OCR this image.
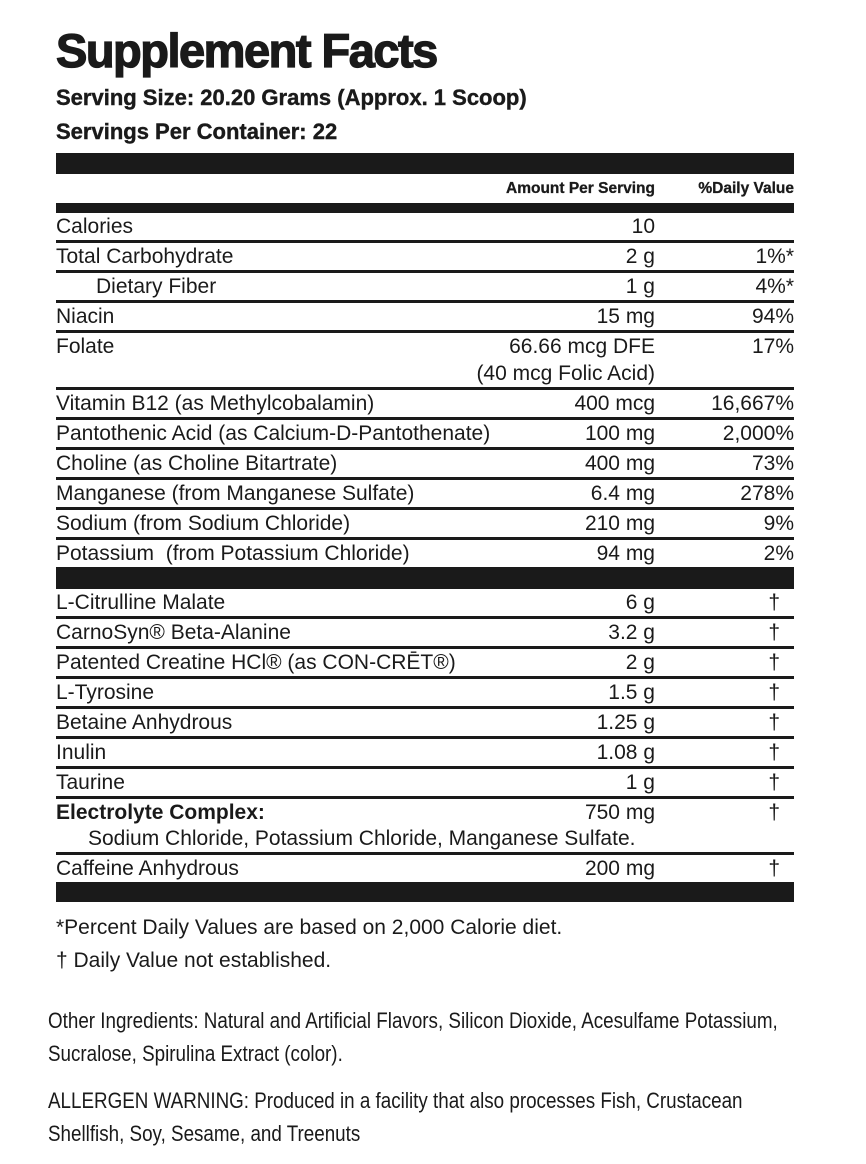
Supplement Facts
Serving Size: 20.20 Grams (Approx. 1 Scoop)
Servings Per Container: 22
Amount Per Serving	%Daily Value
Calories	10
Total Carbohydrate	2 g	1%*
Dietary Fiber	1 g	4%*
Niacin	15 mg	94%
Folate	66.66 mcg DFE	17%
(40 mcg Folic Acid)
Vitamin B12 (as Methylcobalamin)	400 mcg	16,667%
Pantothenic Acid (as Calcium-D-Pantothenate)	100 mg	2,000%
Choline (as Choline Bitartrate)	400 mg	73%
Manganese (from Manganese Sulfate)	6.4 mg	278%
Sodium (from Sodium Chloride)	210 mg	9%
Potassium  (from Potassium Chloride)	94 mg	2%
L-Citrulline Malate	6 g	†
CarnoSyn® Beta-Alanine	3.2 g	†
Patented Creatine HCl® (as CON-CRĒT®)	2 g	†
L-Tyrosine	1.5 g	†
Betaine Anhydrous	1.25 g	†
Inulin	1.08 g	†
Taurine	1 g	†
Electrolyte Complex:	750 mg	†
Sodium Chloride, Potassium Chloride, Manganese Sulfate.
Caffeine Anhydrous	200 mg	†
*Percent Daily Values are based on 2,000 Calorie diet.
† Daily Value not established.
Other Ingredients: Natural and Artificial Flavors, Silicon Dioxide, Acesulfame Potassium,
Sucralose, Spirulina Extract (color).
ALLERGEN WARNING: Produced in a facility that also processes Fish, Crustacean
Shellfish, Soy, Sesame, and Treenuts
